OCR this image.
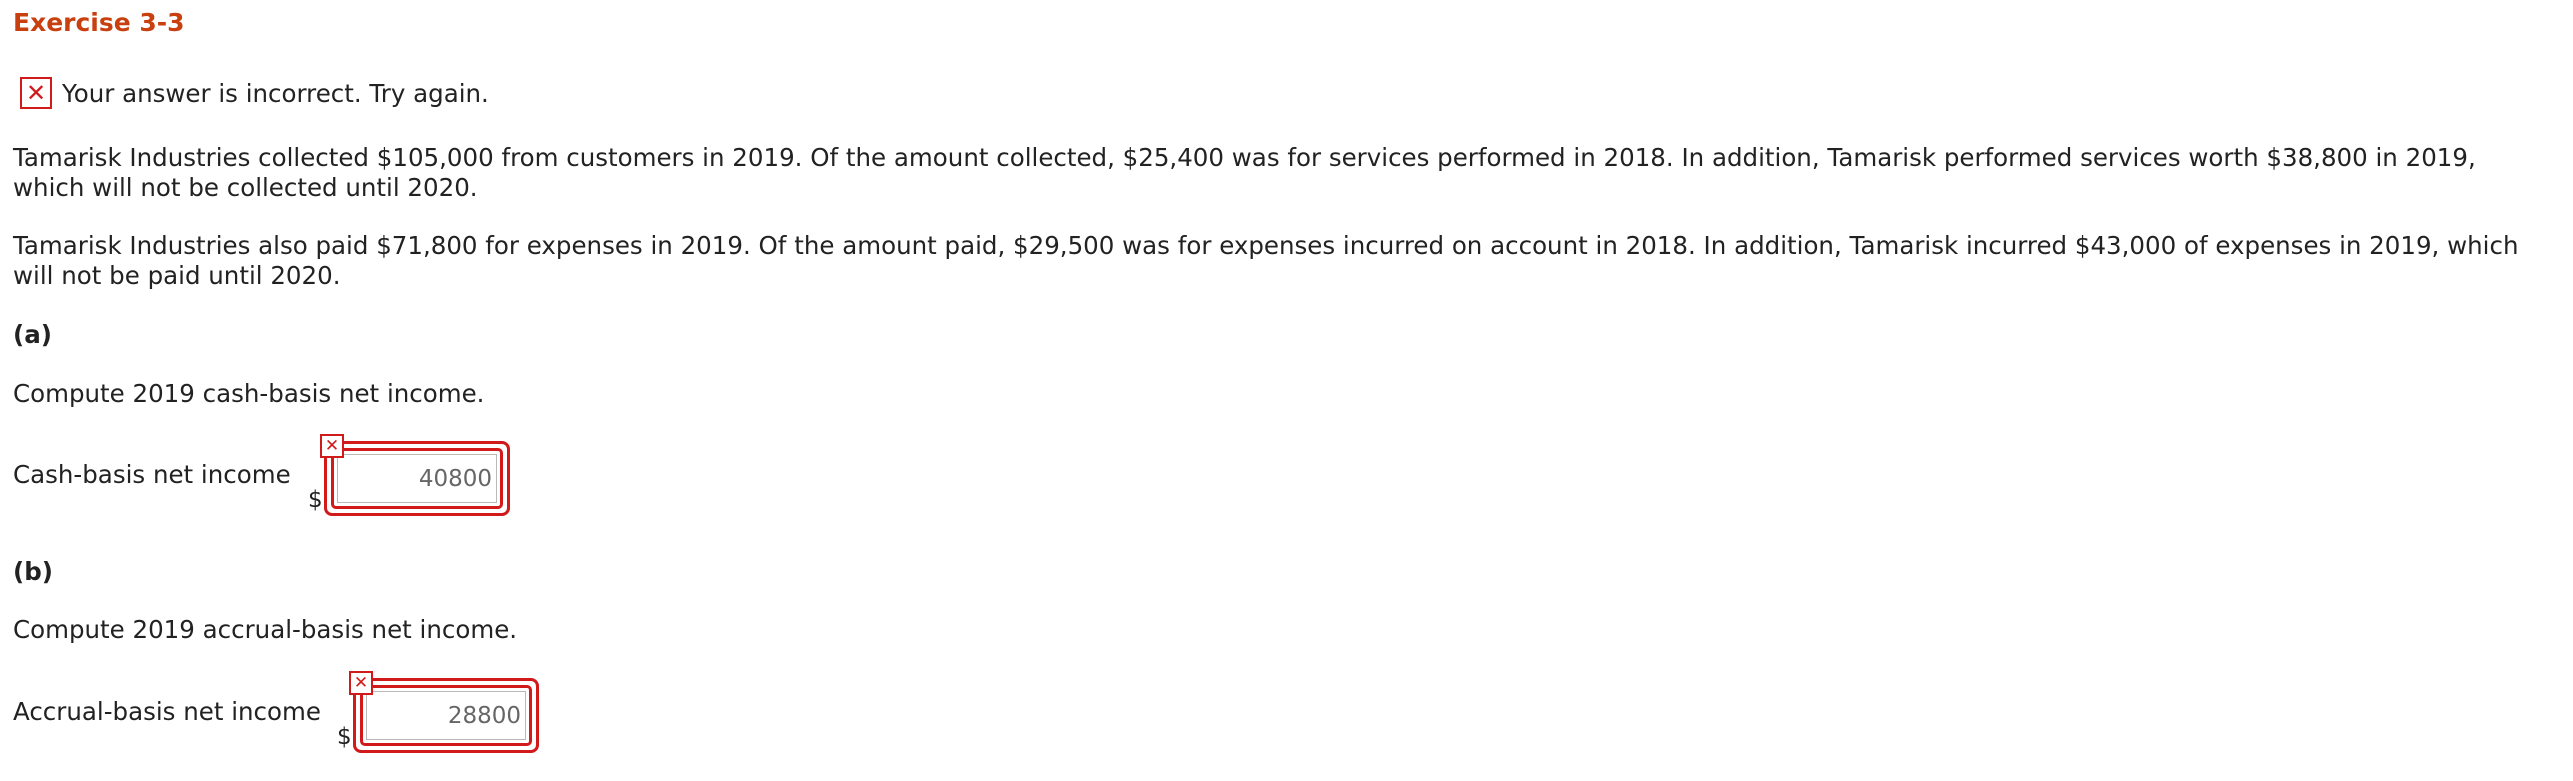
Exercise 3-3
✕ Your answer is incorrect. Try again.
Tamarisk Industries collected $105,000 from customers in 2019. Of the amount collected, $25,400 was for services performed in 2018. In addition, Tamarisk performed services worth $38,800 in 2019, which will not be collected until 2020.
Tamarisk Industries also paid $71,800 for expenses in 2019. Of the amount paid, $29,500 was for expenses incurred on account in 2018. In addition, Tamarisk incurred $43,000 of expenses in 2019, which will not be paid until 2020.
(a)
Compute 2019 cash-basis net income.
Cash-basis net income
$
40800
✕
(b)
Compute 2019 accrual-basis net income.
Accrual-basis net income
$
28800
✕
